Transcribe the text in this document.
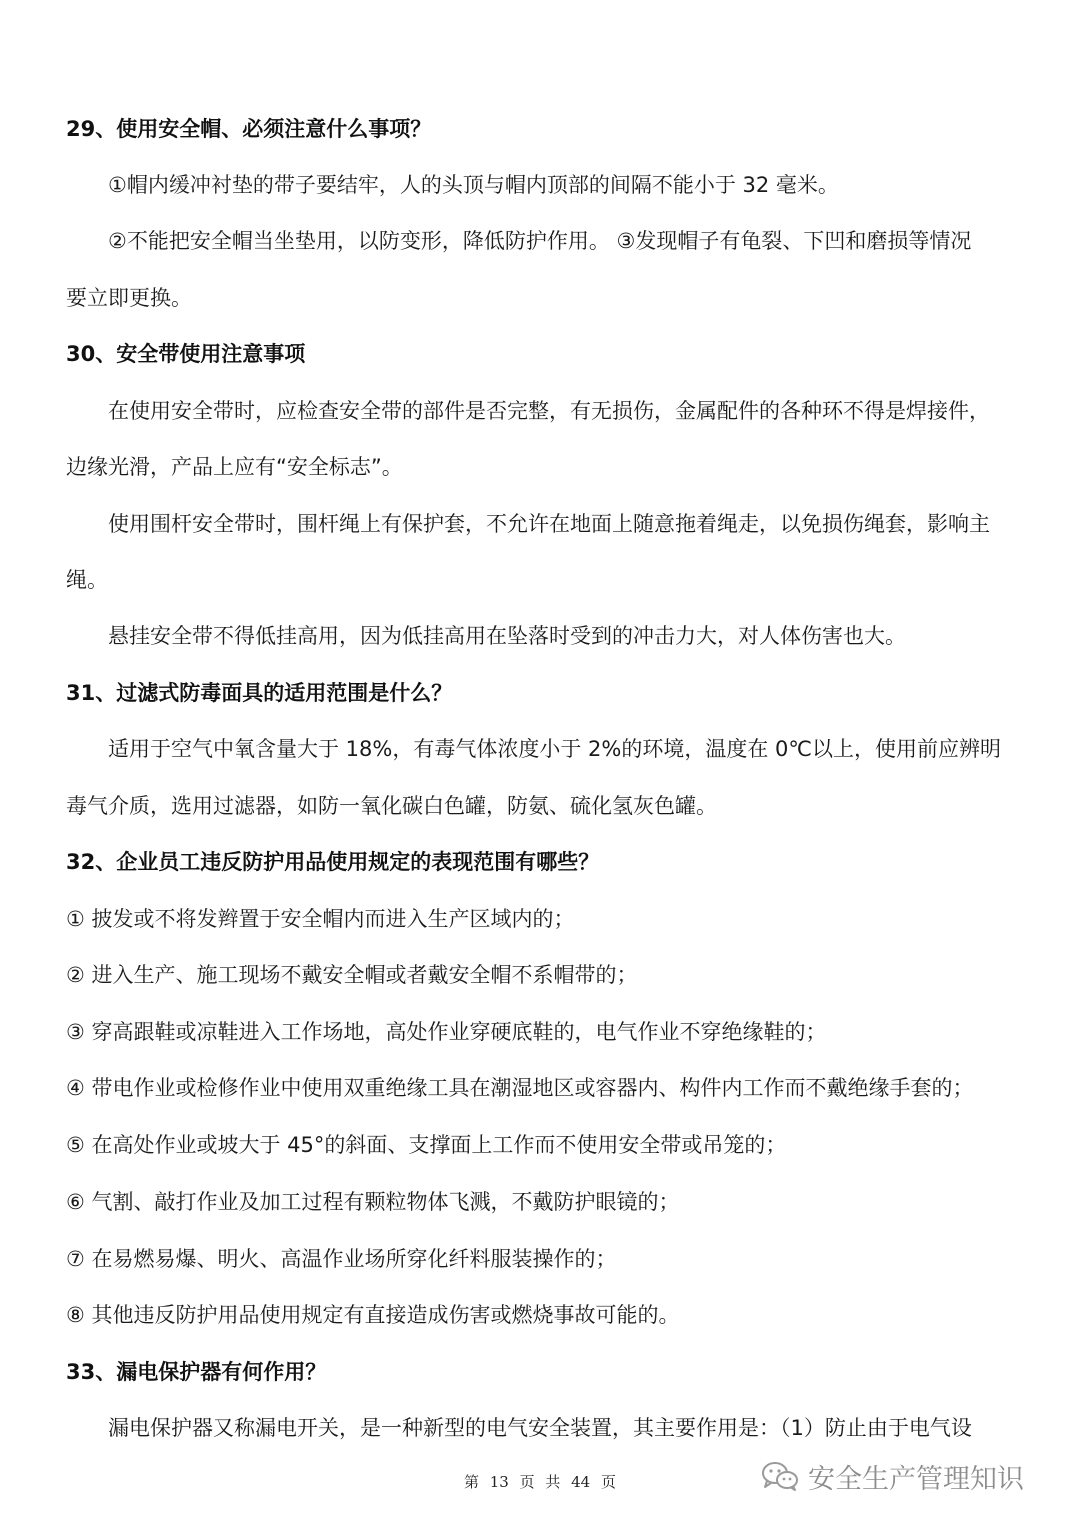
29、使用安全帽、必须注意什么事项？
①帽内缓冲衬垫的带子要结牢，人的头顶与帽内顶部的间隔不能小于 32 毫米。
②不能把安全帽当坐垫用，以防变形，降低防护作用。 ③发现帽子有龟裂、下凹和磨损等情况
要立即更换。
30、安全带使用注意事项
在使用安全带时，应检查安全带的部件是否完整，有无损伤，金属配件的各种环不得是焊接件，
边缘光滑，产品上应有“安全标志”。
使用围杆安全带时，围杆绳上有保护套，不允许在地面上随意拖着绳走，以免损伤绳套，影响主
绳。
悬挂安全带不得低挂高用，因为低挂高用在坠落时受到的冲击力大，对人体伤害也大。
31、过滤式防毒面具的适用范围是什么？
适用于空气中氧含量大于 18%，有毒气体浓度小于 2%的环境，温度在 0℃以上，使用前应辨明
毒气介质，选用过滤器，如防一氧化碳白色罐，防氨、硫化氢灰色罐。
32、企业员工违反防护用品使用规定的表现范围有哪些？
① 披发或不将发辫置于安全帽内而进入生产区域内的；
② 进入生产、施工现场不戴安全帽或者戴安全帽不系帽带的；
③ 穿高跟鞋或凉鞋进入工作场地，高处作业穿硬底鞋的，电气作业不穿绝缘鞋的；
④ 带电作业或检修作业中使用双重绝缘工具在潮湿地区或容器内、构件内工作而不戴绝缘手套的；
⑤ 在高处作业或坡大于 45°的斜面、支撑面上工作而不使用安全带或吊笼的；
⑥ 气割、敲打作业及加工过程有颗粒物体飞溅，不戴防护眼镜的；
⑦ 在易燃易爆、明火、高温作业场所穿化纤料服装操作的；
⑧ 其他违反防护用品使用规定有直接造成伤害或燃烧事故可能的。
33、漏电保护器有何作用？
漏电保护器又称漏电开关，是一种新型的电气安全装置，其主要作用是：（1）防止由于电气设
第 13 页 共 44 页	安全生产管理知识
